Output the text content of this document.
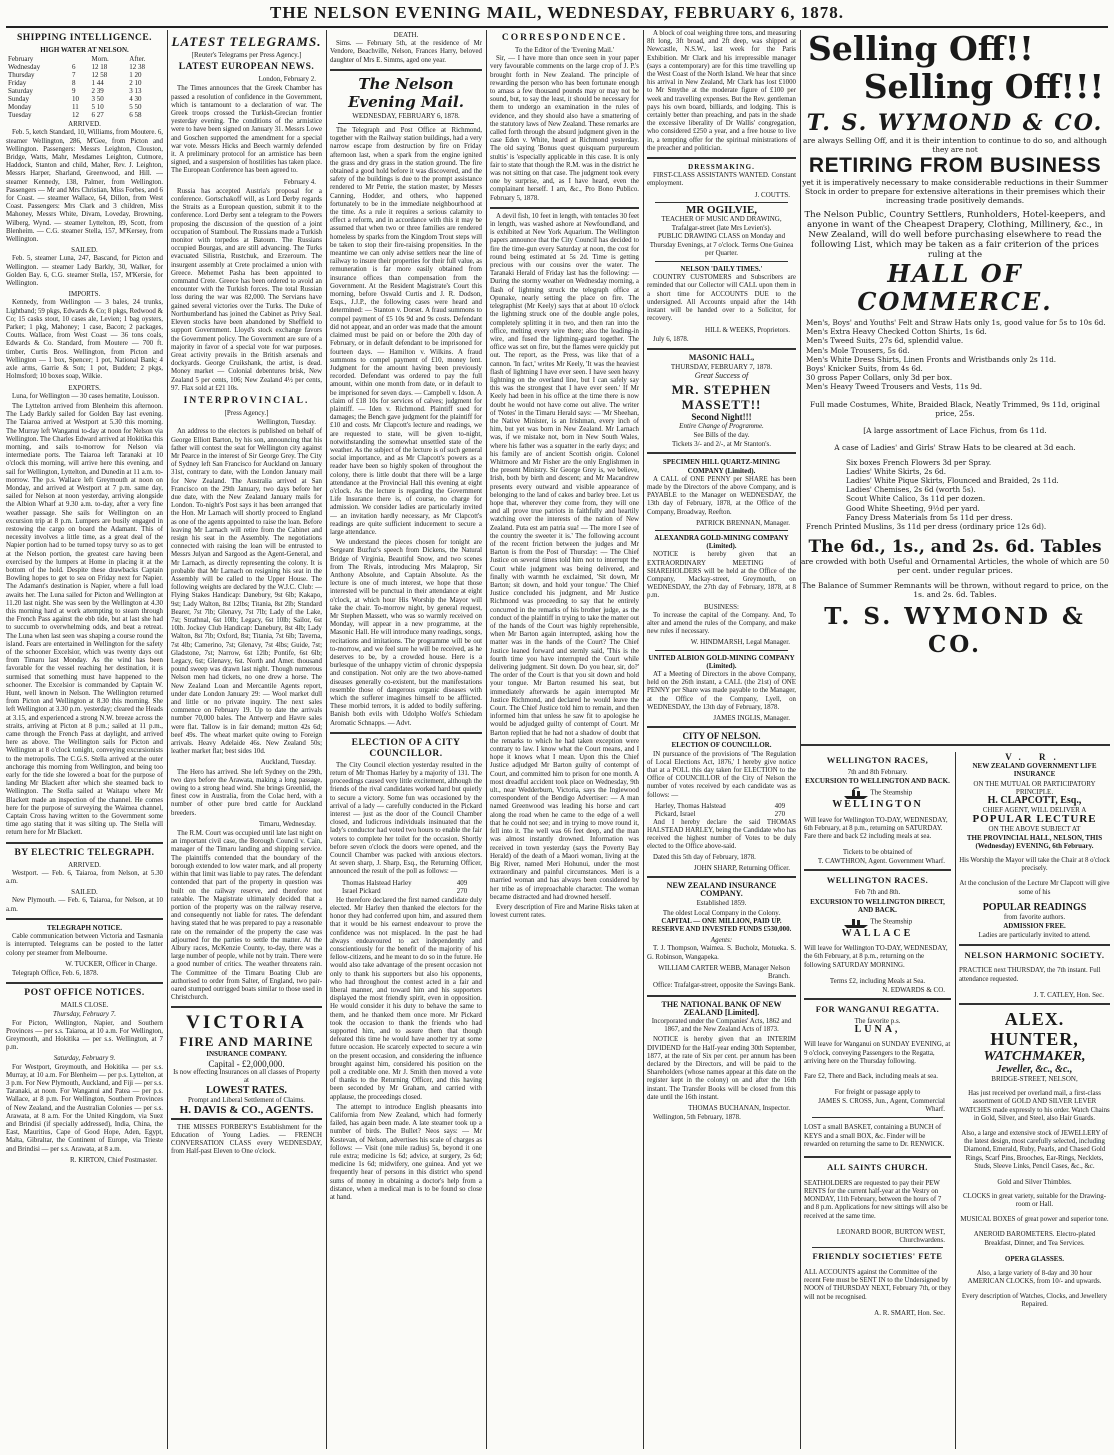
THE NELSON EVENING MAIL, WEDNESDAY, FEBRUARY 6, 1878.
SHIPPING INTELLIGENCE.
HIGH WATER AT NELSON.
February		Morn.	After.
Wednesday	6	12 18	12 38
Thursday	7	12 58	1 20
Friday	8	1 44	2 10
Saturday	9	2 39	3 13
Sunday	10	3 50	4 30
Monday	11	5 10	5 50
Tuesday	12	6 27	6 58
ARRIVED.

Feb. 5, ketch Standard, 10, Williams, from Moutere. 6, steamer Wellington, 286, M'Gee, from Picton and Wellington. Passengers: Messrs Leighton, Clouston, Bridge, Watts, Mahr, Mesdames Leighton, Cutmore, Haddock, Stanton and child, Maher, Rev. J. Leighton, Messrs Harper, Sharland, Greenwood, and Hill. — steamer Kennedy, 138, Palmer, from Wellington. Passengers — Mr and Mrs Christian, Miss Forbes, and 6 for Coast. — steamer Wallace, 64, Dillon, from West Coast. Passengers: Mrs Clark and 3 children, Miss Mahoney, Messrs White, Divam, Loveday, Browning, Wilberg, Wynd. — steamer Lyttelton, 89, Scott, from Blenheim. — C.G. steamer Stella, 157, M'Kersey, from Wellington.

SAILED.

Feb. 5, steamer Luna, 247, Bascand, for Picton and Wellington. — steamer Lady Barkly, 30, Walker, for Golden Bay. 6, C.G. steamer Stella, 157, M'Kersie, for Wellington.

IMPORTS.

Kennedy, from Wellington — 3 bales, 24 trunks, Lightband; 59 pkgs, Edwards & Co; 8 pkgs, Redwood & Co; 15 casks stout, 10 cases ale, Levien; 1 bag oysters, Parker; 1 pkg, Mahoney; 1 case, Bacon; 2 packages, Coutts. Wallace, from West Coast — 36 tons coals, Edwards & Co. Standard, from Moutere — 700 ft. timber, Curtis Bros. Wellington, from Picton and Wellington — 1 box, Spencer; 1 pot, National Bank; 4 axle arms, Garrie & Son; 1 pot, Budden; 2 pkgs, Holmsford; 10 boxes soap, Wilkie.

EXPORTS.

Luna, for Wellington — 30 cases hematite, Louisson.

The Lyttelton arrived from Blenheim this afternoon. The Lady Barkly sailed for Golden Bay last evening. The Taiaroa arrived at Westport at 5.30 this morning. The Murray left Wanganui to-day at noon for Nelson via Wellington. The Charles Edward arrived at Hokitika this morning, and sails to-morrow for Nelson via intermediate ports. The Taiaroa left Taranaki at 10 o'clock this morning, will arrive here this evening, and sail for Wellington, Lyttelton, and Dunedin at 11 a.m. to-morrow. The p.s. Wallace left Greymouth at noon on Monday, and arrived at Westport at 7 p.m. same day, sailed for Nelson at noon yesterday, arriving alongside the Albion Wharf at 9.30 a.m. to-day, after a very fine weather passage. She sails for Wellington on an excursion trip at 8 p.m. Lumpers are busily engaged in restowing the cargo on board the Adamant. This of necessity involves a little time, as a great deal of the Napier portion had to be turned topsy turvy so as to get at the Nelson portion, the greatest care having been exercised by the lumpers at Home in placing it at the bottom of the hold. Despite these drawbacks Captain Bowling hopes to get to sea on Friday next for Napier. The Adamant's destination is Napier, where a full load awaits her. The Luna sailed for Picton and Wellington at 11.20 last night. She was seen by the Wellington at 4.30 this morning hard at work attempting to steam through the French Pass against the ebb tide, but at last she had to succumb to overwhelming odds, and beat a retreat. The Luna when last seen was shaping a course round the island. Fears are entertained in Wellington for the safety of the schooner Excelsior, which was twenty days out from Timaru last Monday. As the wind has been favorable for the vessel reaching her destination, it is surmised that something must have happened to the schooner. The Excelsior is commanded by Captain W. Hunt, well known in Nelson. The Wellington returned from Picton and Wellington at 8.30 this morning. She left Wellington at 3.30 p.m. yesterday; cleared the Heads at 3.15, and experienced a strong N.W. breeze across the straits, arriving at Picton at 8 p.m.; sailed at 11 p.m., came through the French Pass at daylight, and arrived here as above. The Wellington sails for Picton and Wellington at 8 o'clock tonight, conveying excursionists to the metropolis. The C.G.S. Stella arrived at the outer anchorage this morning from Wellington, and being too early for the tide she lowered a boat for the purpose of landing Mr Blackett after which she steamed back to Wellington. The Stella sailed at Waitapu where Mr Blackett made an inspection of the channel. He comes here for the purpose of surveying the Waimea channel, Captain Cross having written to the Government some time ago stating that it was silting up. The Stella will return here for Mr Blackett.

BY ELECTRIC TELEGRAPH.
ARRIVED.

Westport. — Feb. 6, Taiaroa, from Nelson, at 5.30 a.m.

SAILED.

New Plymouth. — Feb. 6, Taiaroa, for Nelson, at 10 a.m.

TELEGRAPH NOTICE.

Cable communication between Victoria and Tasmania is interrupted. Telegrams can be posted to the latter colony per steamer from Melbourne.

W. TUCKER, Officer in Charge.

Telegraph Office, Feb. 6, 1878.

POST OFFICE NOTICES.
MAILS CLOSE.
Thursday, February 7.

For Picton, Wellington, Napier, and Southern Provinces — per s.s. Taiaroa, at 10 a.m. For Wellington, Greymouth, and Hokitika — per s.s. Wellington, at 7 p.m.

Saturday, February 9.

For Westport, Greymouth, and Hokitika — per s.s. Murray, at 10 a.m. For Blenheim — per p.s. Lyttelton, at 3 p.m. For New Plymouth, Auckland, and Fiji — per s.s. Taranaki, at noon. For Wanganui and Patea — per p.s. Wallace, at 8 p.m. For Wellington, Southern Provinces of New Zealand, and the Australian Colonies — per s.s. Arawata, at 8 a.m. For the United Kingdom, via Suez and Brindisi (if specially addressed), India, China, the East, Mauritius, Cape of Good Hope, Aden, Egypt, Malta, Gibraltar, the Continent of Europe, via Trieste and Brindisi — per s.s. Arawata, at 8 a.m.

R. KIRTON, Chief Postmaster.
LATEST TELEGRAMS.
[Reuter's Telegrams per Press Agency.]
LATEST EUROPEAN NEWS.
London, February 2.

The Times announces that the Greek Chamber has passed a resolution of confidence in the Government, which is tantamount to a declaration of war. The Greek troops crossed the Turkish-Grecian frontier yesterday evening. The conditions of the armistice were to have been signed on January 31. Messrs Lowe and Goschen supported the amendment for a special war vote. Messrs Hicks and Beech warmly defended it. A preliminary protocol for an armistice has been signed, and a suspension of hostilities has taken place. The European Conference has been agreed to.

February 4.

Russia has accepted Austria's proposal for a conference. Gortschakoff will, as Lord Derby regards the Straits as a European question, submit it to the conference. Lord Derby sent a telegram to the Powers proposing the discussion of the question of a joint occupation of Stamboul. The Russians made a Turkish monitor with torpedos at Batoum. The Russians occupied Bourgas, and are still advancing. The Turks evacuated Silistria, Rustchuk, and Erzeroum. The insurgent assembly at Crete proclaimed a union with Greece. Mehemet Pasha has been appointed to command Crete. Greece has been ordered to avoid an encounter with the Turkish forces. The total Russian loss during the war was 82,000. The Servians have gained several victories over the Turks. The Duke of Northumberland has joined the Cabinet as Privy Seal. Eleven stocks have been abandoned by Sheffield to support Government. Lloyd's stock exchange favors the Government policy. The Government are sure of a majority in favor of a special vote for war purposes. Great activity prevails in the British arsenals and dockyards. George Cruikshank, the artist, is dead. Money market — Colonial debentures brisk, New Zealand 5 per cents, 106; New Zealand 4½ per cents, 97. Flax sold at £21 10s.

INTERPROVINCIAL.
[Press Agency.]
Wellington, Tuesday.

An address to the electors is published on behalf of George Elliott Barton, by his son, announcing that his father will contest the seat for Wellington city against Mr Pearce in the interest of Sir George Grey. The City of Sydney left San Francisco for Auckland on January 31st, contrary to date, with the London January mail for New Zealand. The Australia arrived at San Francisco on the 29th January, two days before her due date, with the New Zealand January mails for London. To-night's Post says it has been arranged that the Hon. Mr Larnach will shortly proceed to England as one of the agents appointed to raise the loan. Before leaving Mr Larnach will retire from the Cabinet and resign his seat in the Assembly. The negotiations connected with raising the loan will be entrusted to Messrs Julyan and Sargood as the Agent-General, and Mr Larnach, as directly representing the colony. It is probable that Mr Larnach on resigning his seat in the Assembly will be called to the Upper House. The following weights are declared by the W.J.C. Club: — Flying Stakes Handicap: Danebury, 9st 6lb; Kakapo, 9st; Lady Walton, 8st 12lbs; Titania, 8st 2lb; Standard Bearer, 7st 7lb; Glenavy, 7st 7lb; Lady of the Lake, 7st; Strathnal, 6st 10lb; Legacy, 6st 10lb; Sailor, 6st 10lb. Jockey Club Handicap: Danebury, 8st 4lb; Lady Walton, 8st 7lb; Oxford, 8st; Titania, 7st 6lb; Taverna, 7st 4lb; Camerino, 7st; Glenavy, 7st 4lbs; Guide, 7st; Gladstone, 7st; Narrow, 6st 12lb; Pontife, 6st 6lb; Legacy, 6st; Glenavy, 6st. North and Amer. thousand pound sweep was drawn last night. Though numerous Nelson men had tickets, no one drew a horse. The New Zealand Loan and Mercantile Agents report, under date London January 29: — Wool market dull and little or no private inquiry. The next sales commence on February 19. Up to date the arrivals number 70,000 bales. The Antwerp and Havre sales were flat. Tallow is in fair demand; mutton 42s 6d; beef 49s. The wheat market quite owing to Foreign arrivals. Heavy Adelaide 46s. New Zealand 50s; leather market flat; best sides 10d.

Auckland, Tuesday.

The Hero has arrived. She left Sydney on the 29th, two days before the Arawata, making a long passage, owing to a strong head wind. She brings Greenlid, the finest cow in Australia, from the Colac herd, with a number of other pure bred cattle for Auckland breeders.

Timaru, Wednesday.

The R.M. Court was occupied until late last night on an important civil case, the Borough Council v. Cain, manager of the Timaru landing and shipping service. The plaintiffs contended that the boundary of the borough extended to low water mark, and all property within that limit was liable to pay rates. The defendant contended that part of the property in question was built on the railway reserve, and therefore not rateable. The Magistrate ultimately decided that a portion of the property was on the railway reserve, and consequently not liable for rates. The defendant having stated that he was prepared to pay a reasonable rate on the remainder of the property the case was adjourned for the parties to settle the matter. At the Albury races, McKenzie County, to-day, there was a large number of people, while not by train. There were a good number of critics. The weather threatens rain. The Committee of the Timaru Boating Club are authorised to order from Salter, of England, two pair-oared stumped outrigged boats similar to those used in Christchurch.

VICTORIA
FIRE AND MARINE
INSURANCE COMPANY.
Capital - £2,000,000.

Is now effecting Insurances on all classes of Property at

LOWEST RATES.
Prompt and Liberal Settlement of Claims.
H. DAVIS & CO., AGENTS.

THE MISSES FORBERY'S Establishment for the Education of Young Ladies. — FRENCH CONVERSATION CLASS every WEDNESDAY, from Half-past Eleven to One o'clock.

DEATH.

Sims. — February 5th, at the residence of Mr Vendore, Beachville, Nelson, Frances Harry, beloved daughter of Mrs E. Simms, aged one year.

The Nelson Evening Mail.
WEDNESDAY, FEBRUARY 6, 1878.

The Telegraph and Post Office at Richmond, together with the Railway station buildings, had a very narrow escape from destruction by fire on Friday afternoon last, when a spark from the engine ignited the grass and dry grass in the station ground. The fire obtained a good hold before it was discovered, and the safety of the buildings is due to the prompt assistance rendered to Mr Petrie, the station master, by Messrs Canning, Hodder, and others, who happened fortunately to be in the immediate neighbourhood at the time. As a rule it requires a serious calamity to effect a reform, and in accordance with this it may be assumed that when two or three families are rendered homeless by sparks from the Kingdom Trout steps will be taken to stop their fire-raising propensities. In the meantime we can only advise settlers near the line of railway to insure their properties for their full value, as remuneration is far more easily obtained from insurance offices than compensation from the Government. At the Resident Magistrate's Court this morning, before Oswald Curtis and J. R. Dodson, Esqs., J.J.P., the following cases were heard and determined: — Stanton v. Dorset. A fraud summons to compel payment of £5 10s 9d and 9s costs. Defendant did not appear, and an order was made that the amount claimed must be paid on or before the 20th day of February, or in default defendant to be imprisoned for fourteen days. — Hamilton v. Wilkins. A fraud summons to compel payment of £10, money lent. Judgment for the amount having been previously recorded. Defendant was ordered to pay the full amount, within one month from date, or in default to be imprisoned for seven days. — Campbell v. Idson. A claim of £18 10s for services of calves; judgment for plaintiff. — Iden v. Richmond. Plaintiff sued for damages; the Bench gave judgment for the plaintiff for £10 and costs. Mr Clapcott's lecture and readings, we are requested to state, will be given to-night, notwithstanding the somewhat unsettled state of the weather. As the subject of the lecture is of such general social importance, and as Mr Clapcott's powers as a reader have been so highly spoken of throughout the colony, there is little doubt that there will be a large attendance at the Provincial Hall this evening at eight o'clock. As the lecture is regarding the Government Life Insurance there is, of course, no charge for admission. We consider ladies are particularly invited — an invitation hardly necessary, as Mr Clapcott's readings are quite sufficient inducement to secure a large attendance.

We understand the pieces chosen for tonight are Sergeant Buzfuz's speech from Dickens, the Natural Bridge of Virginia, Beautiful Snow, and two scenes from The Rivals, introducing Mrs Malaprop, Sir Anthony Absolute, and Captain Absolute. As the lecture is one of much interest, we hope that those interested will be punctual in their attendance at eight o'clock, at which hour His Worship the Mayor will take the chair. To-morrow night, by general request, Mr Stephen Massett, who was so warmly received on Monday, will appear in a new programme, at the Masonic Hall. He will introduce many readings, songs, recitations and imitations. The programme will be out to-morrow, and we feel sure he will be received, as he deserves to be, by a crowded house. Here is a burlesque of the unhappy victim of chronic dyspepsia and constipation. Not only are the two above-named diseases generally co-existent, but the manifestations resemble those of dangerous organic diseases with which the sufferer imagines himself to be afflicted. These morbid terrors, it is added to bodily suffering. Banish both evils with Udolpho Wolfe's Schiedam Aromatic Schnapps. — Advt.

ELECTION OF A CITY COUNCILLOR.

The City Council election yesterday resulted in the return of Mr Thomas Harley by a majority of 131. The proceedings caused very little excitement, although the friends of the rival candidates worked hard but quietly to secure a victory. Some fun was occasioned by the arrival of a lady — carefully conducted in the Pickard interest — just as the door of the Council Chamber closed, and ludicrous individuals insinuated that the lady's conductor had voted two hours to enable the fair voters to complete her toilet for the occasion. Shortly before seven o'clock the doors were opened, and the Council Chamber was packed with anxious electors. At seven sharp, J. Sharp, Esq., the Returning Officer, announced the result of the poll as follows: —

Thomas Halstead Harley	409
Israel Pickard	270

He therefore declared the first named candidate duly elected. Mr Harley then thanked the electors for the honor they had conferred upon him, and assured them that it would be his earnest endeavour to prove the confidence was not misplaced. In the past he had always endeavoured to act independently and conscientiously for the benefit of the majority of his fellow-citizens, and he meant to do so in the future. He would also take advantage of the present occasion not only to thank his supporters but also his opponents, who had throughout the contest acted in a fair and liberal manner, and toward him and his supporters displayed the most friendly spirit, even in opposition. He would consider it his duty to behave the same to them, and he thanked them once more. Mr Pickard took the occasion to thank the friends who had supported him, and to assure them that though defeated this time he would have another try at some future occasion. He scarcely expected to secure a win on the present occasion, and considering the influence brought against him, considered his position on the poll a creditable one. Mr J. Smith then moved a vote of thanks to the Returning Officer, and this having been seconded by Mr Graham, and carried with applause, the proceedings closed.

The attempt to introduce English pheasants into California from New Zealand, which had formerly failed, has again been made. A late steamer took up a number of birds. The Bullet? Neos says: — Mr Kestevan, of Nelson, advertises his scale of charges as follows: — Visit (one mile radius) 5s, beyond it one rule extra; medicine 1s 6d; advice, at surgery, 2s 6d; medicine 1s 6d; midwifery, one guinea. And yet we frequently hear of persons in this district who spend sums of money in obtaining a doctor's help from a distance, when a medical man is to be found so close at hand.

CORRESPONDENCE.
To the Editor of the 'Evening Mail.'

Sir, — I have more than once seen in your paper very favourable comments on the large crop of J. P.'s brought forth in New Zealand. The principle of rewarding the person who has been fortunate enough to amass a few thousand pounds may or may not be sound, but, to say the least, it should be necessary for them to undergo an examination in the rules of evidence, and they should also have a smattering of the statutory laws of New Zealand. These remarks are called forth through the absurd judgment given in the case Eden v. White, heard at Richmond yesterday. The old saying 'Bonus quest quisquam purpureum stultis' is 'especially applicable in this case. It is only fair to state that though the R.M. was in the district he was not sitting on that case. The judgment took every one by surprise, and, as I have heard, even the complainant herself. I am, &c., Pro Bono Publico. February 5, 1878.

A devil fish, 10 feet in length, with tentacles 30 feet in length, was washed ashore at Newfoundland, and is exhibited at New York Aquarium. The Wellington papers announce that the City Council has decided to fire the time-gun every Saturday at noon, the cost for round being estimated at 5s 2d. Time is getting precious with our cousins over the water. The Taranaki Herald of Friday last has the following: — During the stormy weather on Wednesday morning, a flash of lightning struck the telegraph office at Opunake, nearly setting the place on fire. The telegraphist (Mr Keely) says that at about 10 o'clock the lightning struck one of the double angle poles, completely splitting it in two, and then ran into the office, melting every wire there; also the leading-in wire, and fused the lightning-guard together. The office was set on fire, but the flames were quickly put out. The report, as the Press, was like that of a cannon. 'In fact,' writes Mr Keely, 'It was the heaviest flash of lightning I have ever seen. I have seen heavy lightning on the overland line, but I can safely say this was the strongest that I have ever seen.' If Mr Keely had been in his office at the time there is now doubt he would not have come out alive. The writer of 'Notes' in the Timaru Herald says: — 'Mr Sheehan, the Native Minister, is an Irishman, every inch of him, but yet was born in New Zealand. Mr Larnach was, if we mistake not, born in New South Wales, where his father was a squatter in the early days; and his family are of ancient Scottish origin. Colonel Whitmore and Mr Fisher are the only Englishmen in the present Ministry. Sir George Grey is, we believe, Irish, both by birth and descent; and Mr Macandrew presents every outward and visible appearance of belonging to the land of cakes and barley bree. Let us hope that, wherever they come from, they will one and all prove true patriots in faithfully and heartily watching over the interests of the nation of New Zealand. Puta est am patria sua! — The more I see of the country the sweeter it is.' The following account of the recent friction between the judges and Mr Barton is from the Post of Thursday: — The Chief Justice on several times told him not to interrupt the Court while judgment was being delivered, and finally with warmth he exclaimed, 'Sit down, Mr Barton; sit down, and hold your tongue.' The Chief Justice concluded his judgment, and Mr Justice Richmond was proceeding to say that he entirely concurred in the remarks of his brother judge, as the conduct of the plaintiff in trying to take the matter out of the hands of the Court was highly reprehensible, when Mr Barton again interrupted, asking how the matter was in the hands of the Court? The Chief Justice leaned forward and sternly said, 'This is the fourth time you have interrupted the Court while delivering judgment. Sit down. Do you hear, sir, do?' The order of the Court is that you sit down and hold your tongue. Mr Barton resumed his seat, but immediately afterwards he again interrupted Mr Justice Richmond, and declared he would leave the Court. The Chief Justice told him to remain, and then informed him that unless he saw fit to apologise he would be adjudged guilty of contempt of Court. Mr Barton replied that he had not a shadow of doubt that the remarks to which he had taken exception were contrary to law. I know what the Court means, and I hope it knows what I mean. Upon this the Chief Justice adjudged Mr Barton guilty of contempt of Court, and committed him to prison for one month. A most dreadful accident took place on Wednesday, 9th ult., near Wedderburn, Victoria, says the Inglewood correspondent of the Bendigo Advertiser: — A man named Greenwood was leading his horse and cart along the road when he came to the edge of a well that he could not see; and in trying to move round it, fell into it. The well was 66 feet deep, and the man was almost instantly drowned. Information was received in town yesterday (says the Poverty Bay Herald) of the death of a Maori woman, living at the Big River, named Meri Hohunui, under the most extraordinary and painful circumstances. Meri is a married woman and has always been considered by her tribe as of irreproachable character. The woman became distracted and had drowned herself.

Every description of Fire and Marine Risks taken at lowest current rates.

A block of coal weighing three tons, and measuring 8ft long, 3ft broad, and 2ft deep, was shipped at Newcastle, N.S.W., last week for the Paris Exhibition. Mr Clark and his irrepressible manager (says a contemporary) are for this time travelling up the West Coast of the North Island. We hear that since his arrival in New Zealand, Mr Clark has lost £1000 to Mr Smythe at the moderate figure of £100 per week and travelling expenses. But the Rev. gentleman pays his own board, billiards, and lodging. This is certainly better than preaching, and pats in the shade the excessive liberality of Dr Wallis' congregation, who considered £250 a year, and a free house to live in, a tempting offer for the spiritual ministrations of the preacher and politician.

DRESSMAKING.

FIRST-CLASS ASSISTANTS WANTED. Constant employment.

J. COUTTS.
MR OGILVIE,
TEACHER OF MUSIC AND DRAWING,
Trafalgar-street (late Mrs Levien's).

PUBLIC DRAWING CLASS on Monday and Thursday Evenings, at 7 o'clock. Terms One Guinea per Quarter.

NELSON 'DAILY TIMES.'

COUNTRY CUSTOMERS and Subscribers are reminded that our Collector will CALL upon them in a short time for ACCOUNTS DUE to the undersigned. All Accounts unpaid after the 14th instant will be handed over to a Solicitor, for recovery.

HILL & WEEKS, Proprietors.

July 6, 1878.

MASONIC HALL,
THURSDAY, FEBRUARY 7, 1878.
Great Success of
MR. STEPHEN MASSETT!!
Second Night!!!
Entire Change of Programme.
See Bills of the day.
Tickets 3/- and 2/-, at Mr Stanton's.
SPECIMEN HILL QUARTZ-MINING COMPANY (Limited).

A CALL of ONE PENNY per SHARE has been made by the Directors of the above Company, and is PAYABLE to the Manager on WEDNESDAY, the 13th day of February, 1878, at the Office of the Company, Broadway, Reefton.

PATRICK BRENNAN, Manager.
ALEXANDRA GOLD-MINING COMPANY (Limited).

NOTICE is hereby given that an EXTRAORDINARY MEETING of SHAREHOLDERS will be held at the Office of the Company, Mackay-street, Greymouth, on WEDNESDAY, the 27th day of February, 1878, at 8 p.m.

BUSINESS:

To increase the capital of the Company. And, To alter and amend the rules of the Company, and make new rules if necessary.

W. HINDMARSH, Legal Manager.
UNITED ALBION GOLD-MINING COMPANY (Limited).

AT a Meeting of Directors in the above Company, held on the 26th instant, a CALL (the 21st) of ONE PENNY per Share was made payable to the Manager, at the Office of the Company, Lyell, on WEDNESDAY, the 13th day of February, 1878.

JAMES INGLIS, Manager.
CITY OF NELSON.
ELECTION OF COUNCILLOR.

IN pursuance of the provisions of 'The Regulation of Local Elections Act, 1876,' I hereby give notice that at a POLL this day taken for ELECTION to the Office of COUNCILLOR of the City of Nelson the number of votes received by each candidate was as follows: —

Harley, Thomas Halstead	409
Pickard, Israel	270

And I hereby declare the said THOMAS HALSTEAD HARLEY, being the Candidate who has received the highest number of Votes to be duly elected to the Office above-said.

Dated this 5th day of February, 1878.

JOHN SHARP, Returning Officer.
NEW ZEALAND INSURANCE COMPANY.
Established 1859.
The oldest Local Company in the Colony.

CAPITAL — ONE MILLION, PAID UP. RESERVE AND INVESTED FUNDS £530,000.

Agents:

T. J. Thompson, Waimea. S. Bucholz, Motueka. S. G. Robinson, Wangapeka.

WILLIAM CARTER WEBB, Manager Nelson Branch.

Office: Trafalgar-street, opposite the Savings Bank.

THE NATIONAL BANK OF NEW ZEALAND [Limited].

Incorporated under the Companies' Acts, 1862 and 1867, and the New Zealand Acts of 1873.

NOTICE is hereby given that an INTERIM DIVIDEND for the Half-year ending 30th September, 1877, at the rate of Six per cent. per annum has been declared by the Directors, and will be paid to the Shareholders (whose names appear at this date on the register kept in the colony) on and after the 16th instant. The Transfer Books will be closed from this date until the 16th instant.

THOMAS BUCHANAN, Inspector.

Wellington, 5th February, 1878.

Selling Off!!
Selling Off!!!
T. S. WYMOND & CO.
are always Selling Off, and it is their intention to continue to do so, and although they are not
RETIRING FROM BUSINESS
yet it is imperatively necessary to make considerable reductions in their Summer Stock in order to prepare for extensive alterations in their premises which their increasing trade positively demands.
The Nelson Public, Country Settlers, Runholders, Hotel-keepers, and anyone in want of the Cheapest Drapery, Clothing, Millinery, &c., in New Zealand, will do well before purchasing elsewhere to read the following List, which may be taken as a fair criterion of the prices ruling at the
HALL OF COMMERCE.
Men's, Boys' and Youths' Felt and Straw Hats only 1s, good value for 5s to 10s 6d.
Men's Extra Heavy Checked Cotton Shirts, 1s 6d.
Men's Tweed Suits, 27s 6d, splendid value.
Men's Mole Trousers, 5s 6d.
Men's White Dress Shirts, Linen Fronts and Wristbands only 2s 11d.
Boys' Knicker Suits, from 4s 6d.
30 gross Paper Collars, only 3d per box.
Men's Heavy Tweed Trousers and Vests, 11s 9d.
Full made Costumes, White, Braided Black, Neatly Trimmed, 9s 11d, original price, 25s.
[A large assortment of Lace Fichus, from 6s 11d.
A case of Ladies' and Girls' Straw Hats to be cleared at 3d each.
Six boxes French Flowers 3d per Spray.
Ladies' White Skirts, 2s 6d.
Ladies' White Pique Skirts, Flounced and Braided, 2s 11d.
Ladies' Chemises, 2s 6d (worth 5s).
Scout White Calico, 3s 11d per dozen.
Good White Sheeting, 9½d per yard.
Fancy Dress Materials from 5s 11d per dress.
French Printed Muslins, 3s 11d per dress (ordinary price 12s 6d).
The 6d., 1s., and 2s. 6d. Tables
are crowded with both Useful and Ornamental Articles, the whole of which are 50 per cent. under regular prices.
The Balance of Summer Remnants will be thrown, without regard to price, on the 1s. and 2s. 6d. Tables.
T. S. WYMOND & CO.
WELLINGTON RACES,
7th and 8th February.
EXCURSION TO WELLINGTON AND BACK.
The Steamship
WELLINGTON

Will leave for Wellington TO-DAY, WEDNESDAY, 6th February, at 8 p.m., returning on SATURDAY. Fare there and back £2 including meals at sea.

Tickets to be obtained of
T. CAWTHRON, Agent. Government Wharf.
WELLINGTON RACES.
Feb 7th and 8th.
EXCURSION TO WELLINGTON DIRECT, AND BACK.
The Steamship
WALLACE

Will leave for Wellington TO-DAY, WEDNESDAY, the 6th February, at 8 p.m., returning on the following SATURDAY MORNING.

Terms £2, including Meals at Sea.
N. EDWARDS & CO.
FOR WANGANUI REGATTA.
The favorite p.s.
LUNA,

Will leave for Wanganui on SUNDAY EVENING, at 9 o'clock, conveying Passengers to the Regatta, arriving here on the Thursday following.

Fare £2, There and Back, including meals at sea.

For freight or passage apply to
JAMES S. CROSS, Jun., Agent, Commercial Wharf.

LOST a small BASKET, containing a BUNCH of KEYS and a small BOX, &c. Finder will be rewarded on returning the same to Dr. RENWICK.

ALL SAINTS CHURCH.

SEATHOLDERS are requested to pay their PEW RENTS for the current half-year at the Vestry on MONDAY, 11th February, between the hours of 7 and 8 p.m. Applications for new sittings will also be received at the same time.

LEONARD BOOR, BURTON WEST, Churchwardens.
FRIENDLY SOCIETIES' FETE

ALL ACCOUNTS against the Committee of the recent Fete must be SENT IN to the Undersigned by NOON of THURSDAY NEXT, February 7th, or they will not be recognised.

A. R. SMART, Hon. Sec.
V. R.
NEW ZEALAND GOVERNMENT LIFE INSURANCE
ON THE MUTUAL OR PARTICIPATORY PRINCIPLE.
H. CLAPCOTT, Esq.,
CHIEF AGENT, WILL DELIVER A
POPULAR LECTURE
ON THE ABOVE SUBJECT AT
THE PROVINCIAL HALL, NELSON, THIS (Wednesday) EVENING, 6th February.

His Worship the Mayor will take the Chair at 8 o'clock precisely.

At the conclusion of the Lecture Mr Clapcott will give some of his

POPULAR READINGS
from favorite authors.
ADMISSION FREE.
Ladies are particularly invited to attend.
NELSON HARMONIC SOCIETY.

PRACTICE next THURSDAY, the 7th instant. Full attendance requested.

J. T. CATLEY, Hon. Sec.
ALEX. HUNTER,
WATCHMAKER,
Jeweller, &c., &c.,
BRIDGE-STREET, NELSON,

Has just received per overland mail, a first-class assortment of GOLD AND SILVER LEVER WATCHES made expressly to his order. Watch Chains in Gold, Silver, and Steel, also Hair Guards.

Also, a large and extensive stock of JEWELLERY of the latest design, most carefully selected, including Diamond, Emerald, Ruby, Pearls, and Chased Gold Rings, Scarf Pins, Brooches, Ear-Rings, Necklets, Studs, Sleeve Links, Pencil Cases, &c., &c.

Gold and Silver Thimbles.

CLOCKS in great variety, suitable for the Drawing-room or Hall.

MUSICAL BOXES of great power and superior tone.

ANEROID BAROMETERS. Electro-plated Breakfast, Dinner, and Tea Services.

OPERA GLASSES.

Also, a large variety of 8-day and 30 hour AMERICAN CLOCKS, from 10/- and upwards.

Every description of Watches, Clocks, and Jewellery Repaired.
